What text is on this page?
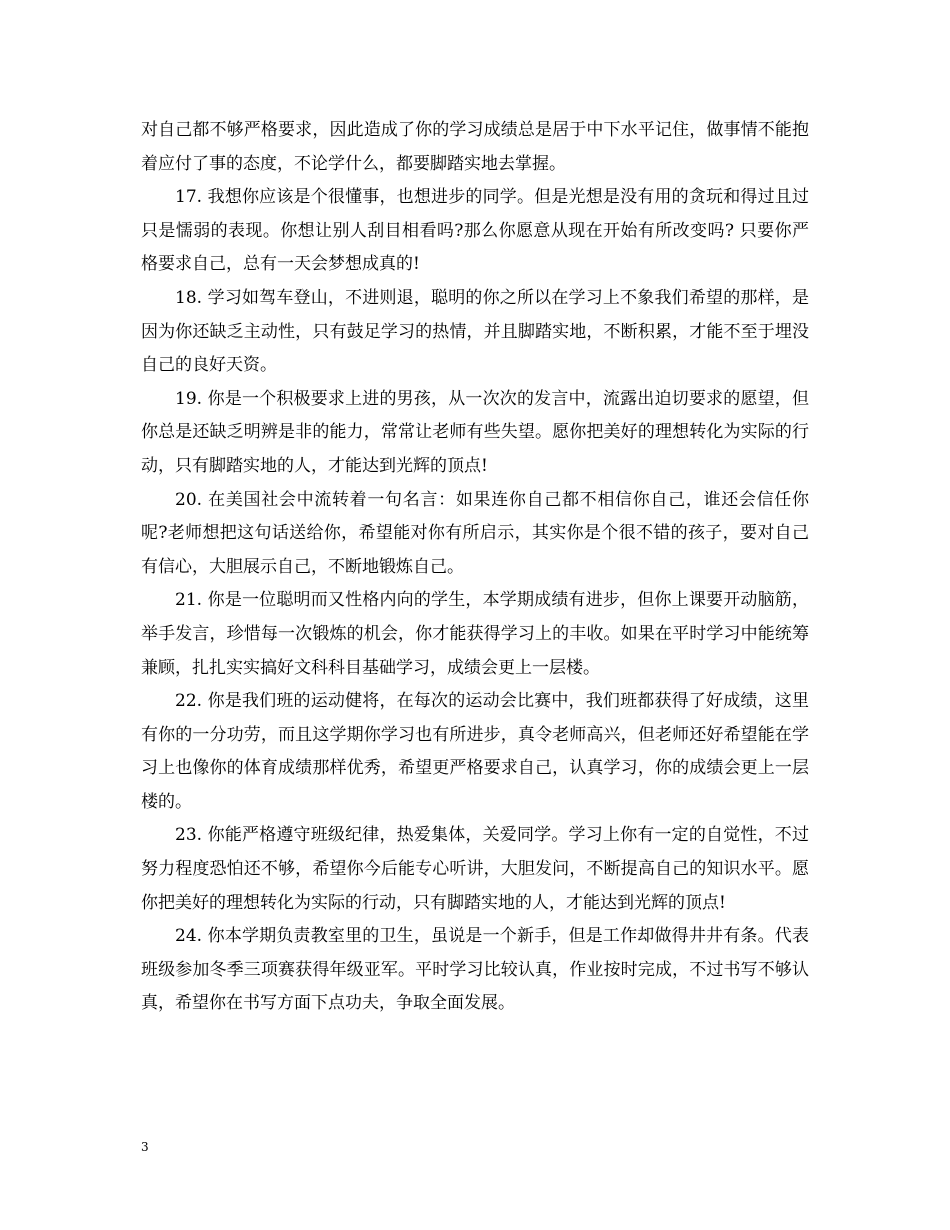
对自己都不够严格要求，因此造成了你的学习成绩总是居于中下水平记住，做事情不能抱着应付了事的态度，不论学什么，都要脚踏实地去掌握。

17. 我想你应该是个很懂事，也想进步的同学。但是光想是没有用的贪玩和得过且过只是懦弱的表现。你想让别人刮目相看吗?那么你愿意从现在开始有所改变吗? 只要你严格要求自己，总有一天会梦想成真的!

18. 学习如驾车登山，不进则退，聪明的你之所以在学习上不象我们希望的那样，是因为你还缺乏主动性，只有鼓足学习的热情，并且脚踏实地，不断积累，才能不至于埋没自己的良好天资。

19. 你是一个积极要求上进的男孩，从一次次的发言中，流露出迫切要求的愿望，但你总是还缺乏明辨是非的能力，常常让老师有些失望。愿你把美好的理想转化为实际的行动，只有脚踏实地的人，才能达到光辉的顶点!

20. 在美国社会中流转着一句名言：如果连你自己都不相信你自己，谁还会信任你呢?老师想把这句话送给你，希望能对你有所启示，其实你是个很不错的孩子，要对自己有信心，大胆展示自己，不断地锻炼自己。

21. 你是一位聪明而又性格内向的学生，本学期成绩有进步，但你上课要开动脑筋，举手发言，珍惜每一次锻炼的机会，你才能获得学习上的丰收。如果在平时学习中能统筹兼顾，扎扎实实搞好文科科目基础学习，成绩会更上一层楼。

22. 你是我们班的运动健将，在每次的运动会比赛中，我们班都获得了好成绩，这里有你的一分功劳，而且这学期你学习也有所进步，真令老师高兴，但老师还好希望能在学习上也像你的体育成绩那样优秀，希望更严格要求自己，认真学习，你的成绩会更上一层楼的。

23. 你能严格遵守班级纪律，热爱集体，关爱同学。学习上你有一定的自觉性，不过努力程度恐怕还不够，希望你今后能专心听讲，大胆发问，不断提高自己的知识水平。愿你把美好的理想转化为实际的行动，只有脚踏实地的人，才能达到光辉的顶点!

24. 你本学期负责教室里的卫生，虽说是一个新手，但是工作却做得井井有条。代表班级参加冬季三项赛获得年级亚军。平时学习比较认真，作业按时完成，不过书写不够认真，希望你在书写方面下点功夫，争取全面发展。

3
